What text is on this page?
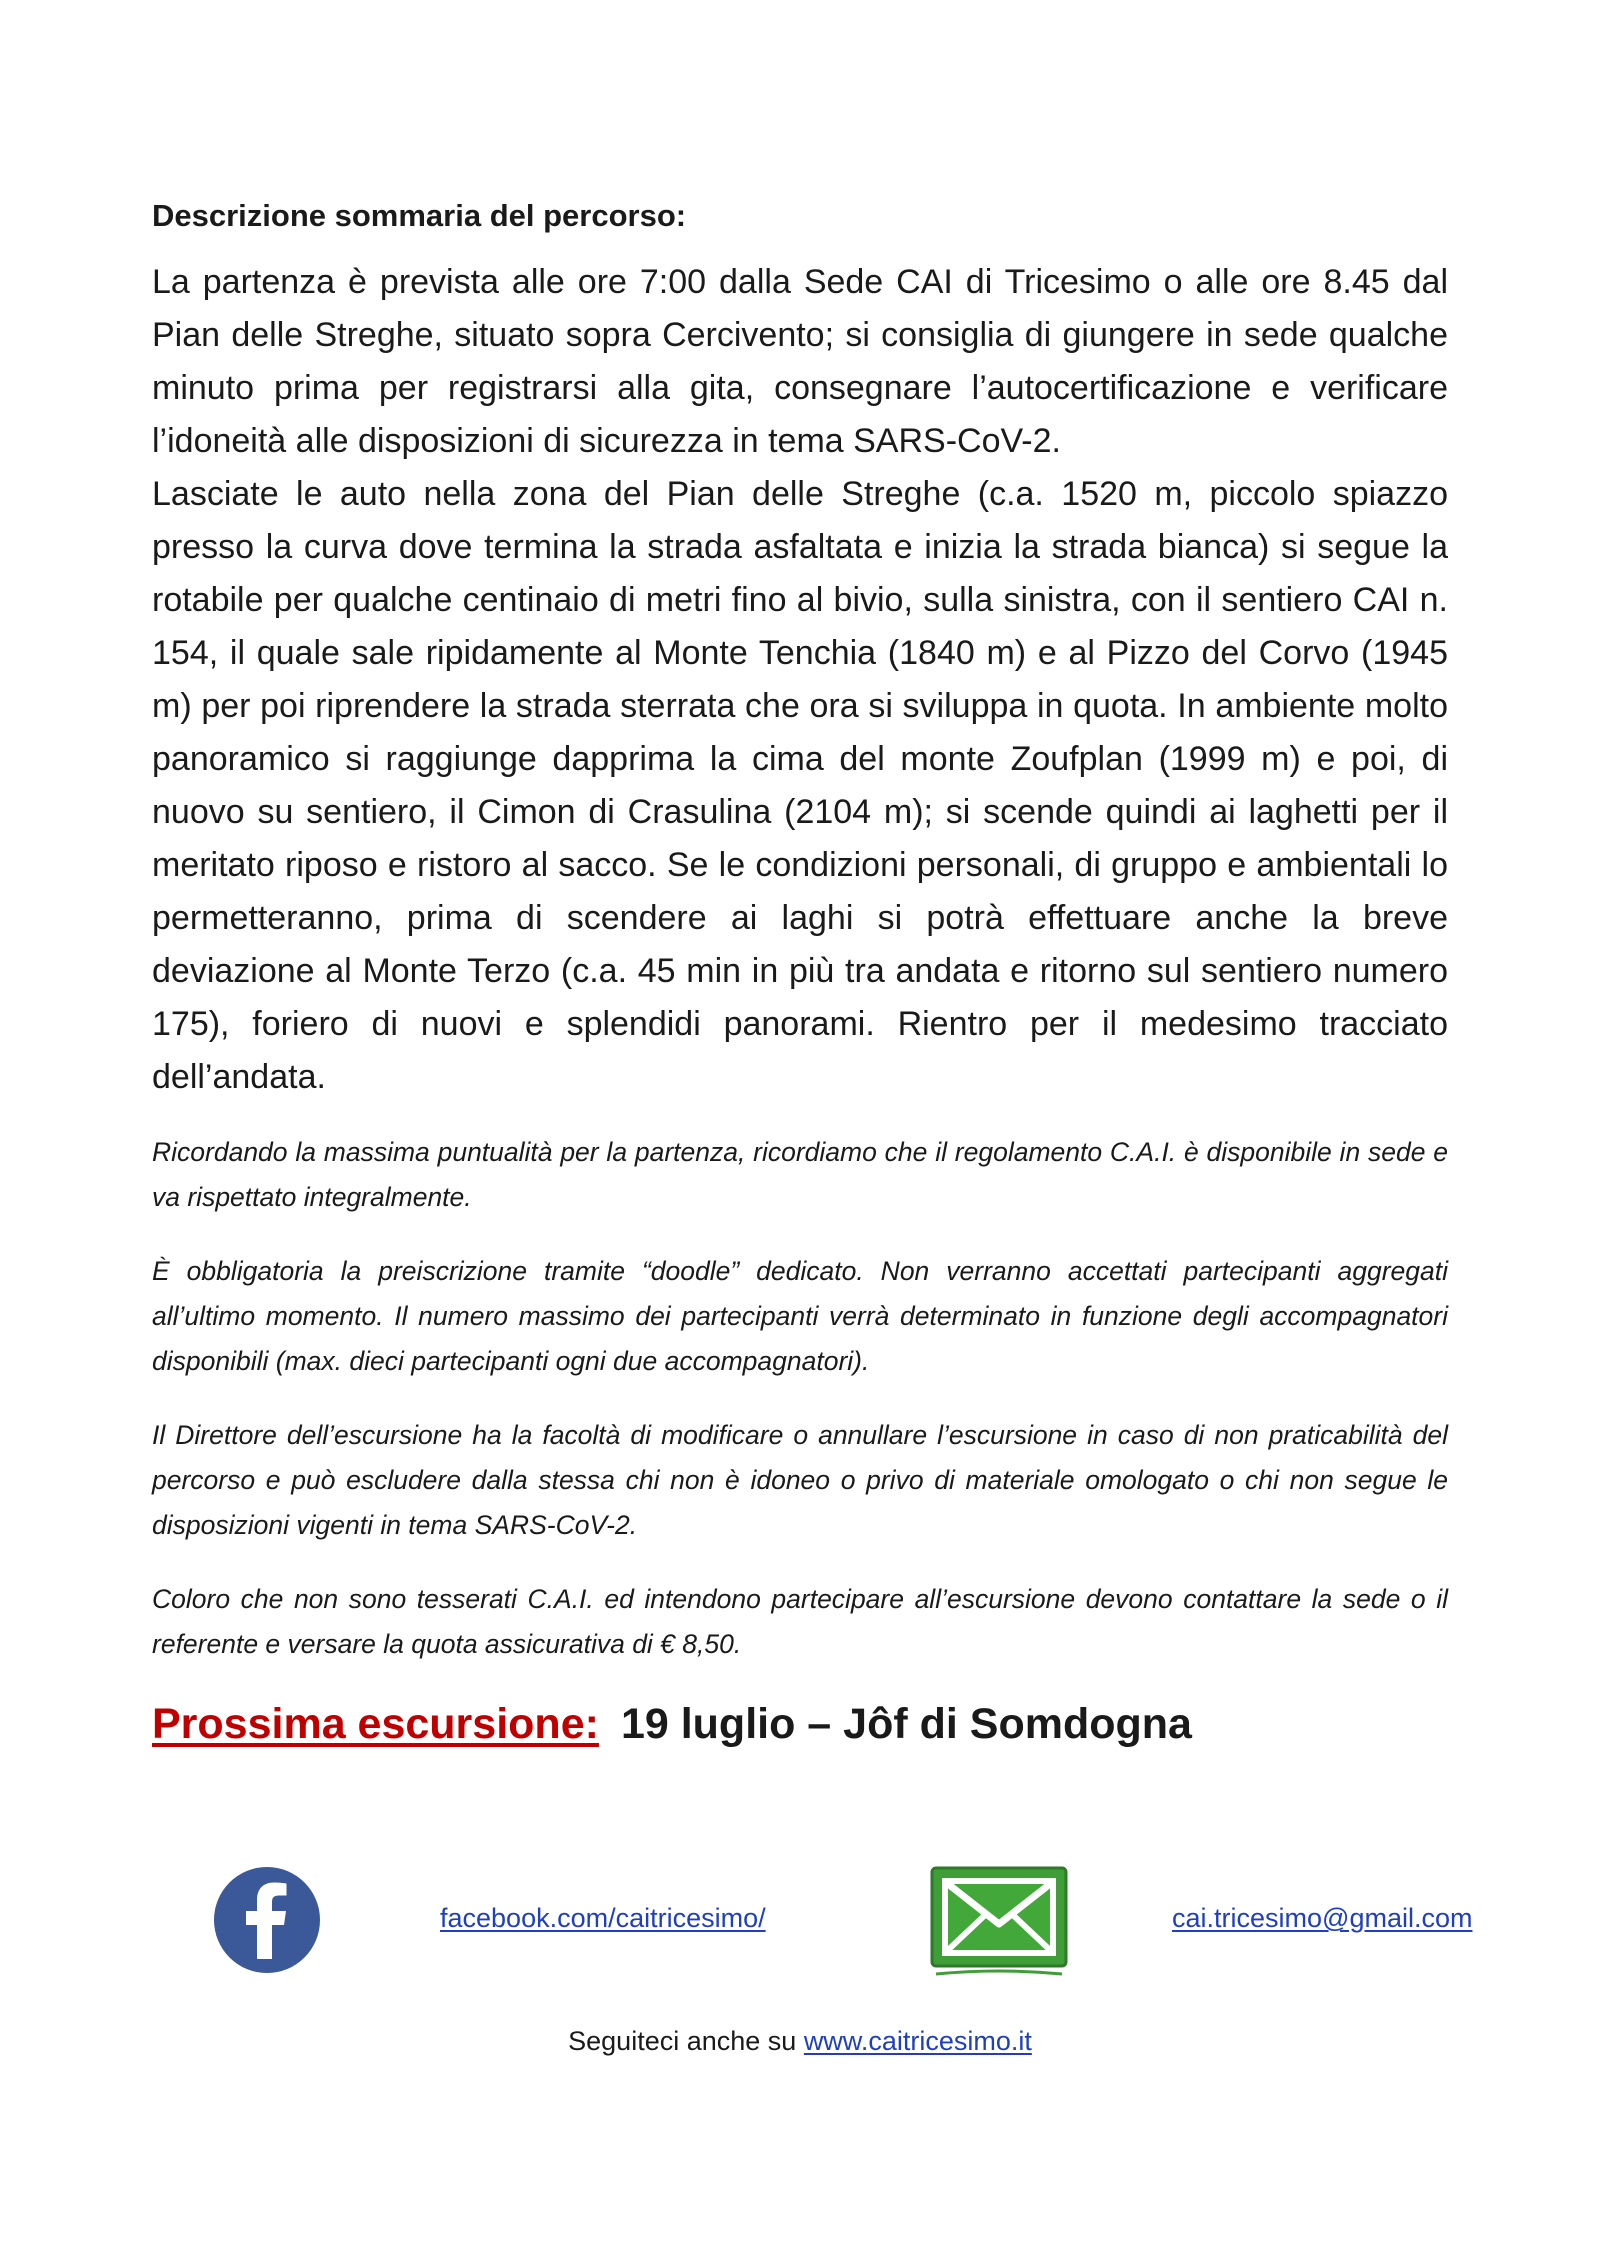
Descrizione sommaria del percorso:

La partenza è prevista alle ore 7:00 dalla Sede CAI di Tricesimo o alle ore 8.45 dal Pian delle Streghe, situato sopra Cercivento; si consiglia di giungere in sede qualche minuto prima per registrarsi alla gita, consegnare l’autocertificazione e verificare l’idoneità alle disposizioni di sicurezza in tema SARS-CoV-2.

Lasciate le auto nella zona del Pian delle Streghe (c.a. 1520 m, piccolo spiazzo presso la curva dove termina la strada asfaltata e inizia la strada bianca) si segue la rotabile per qualche centinaio di metri fino al bivio, sulla sinistra, con il sentiero CAI n. 154, il quale sale ripidamente al Monte Tenchia (1840 m) e al Pizzo del Corvo (1945 m) per poi riprendere la strada sterrata che ora si sviluppa in quota. In ambiente molto panoramico si raggiunge dapprima la cima del monte Zoufplan (1999 m) e poi, di nuovo su sentiero, il Cimon di Crasulina (2104 m); si scende quindi ai laghetti per il meritato riposo e ristoro al sacco. Se le condizioni personali, di gruppo e ambientali lo permetteranno, prima di scendere ai laghi si potrà effettuare anche la breve deviazione al Monte Terzo (c.a. 45 min in più tra andata e ritorno sul sentiero numero 175), foriero di nuovi e splendidi panorami. Rientro per il medesimo tracciato dell’andata.

Ricordando la massima puntualità per la partenza, ricordiamo che il regolamento C.A.I. è disponibile in sede e va rispettato integralmente.

È obbligatoria la preiscrizione tramite “doodle” dedicato. Non verranno accettati partecipanti aggregati all’ultimo momento. Il numero massimo dei partecipanti verrà determinato in funzione degli accompagnatori disponibili (max. dieci partecipanti ogni due accompagnatori).

Il Direttore dell’escursione ha la facoltà di modificare o annullare l’escursione in caso di non praticabilità del percorso e può escludere dalla stessa chi non è idoneo o privo di materiale omologato o chi non segue le disposizioni vigenti in tema SARS-CoV-2.

Coloro che non sono tesserati C.A.I. ed intendono partecipare all’escursione devono contattare la sede o il referente e versare la quota assicurativa di € 8,50.

Prossima escursione: 19 luglio – Jôf di Somdogna
facebook.com/caitricesimo/	cai.tricesimo@gmail.com
Seguiteci anche su www.caitricesimo.it
